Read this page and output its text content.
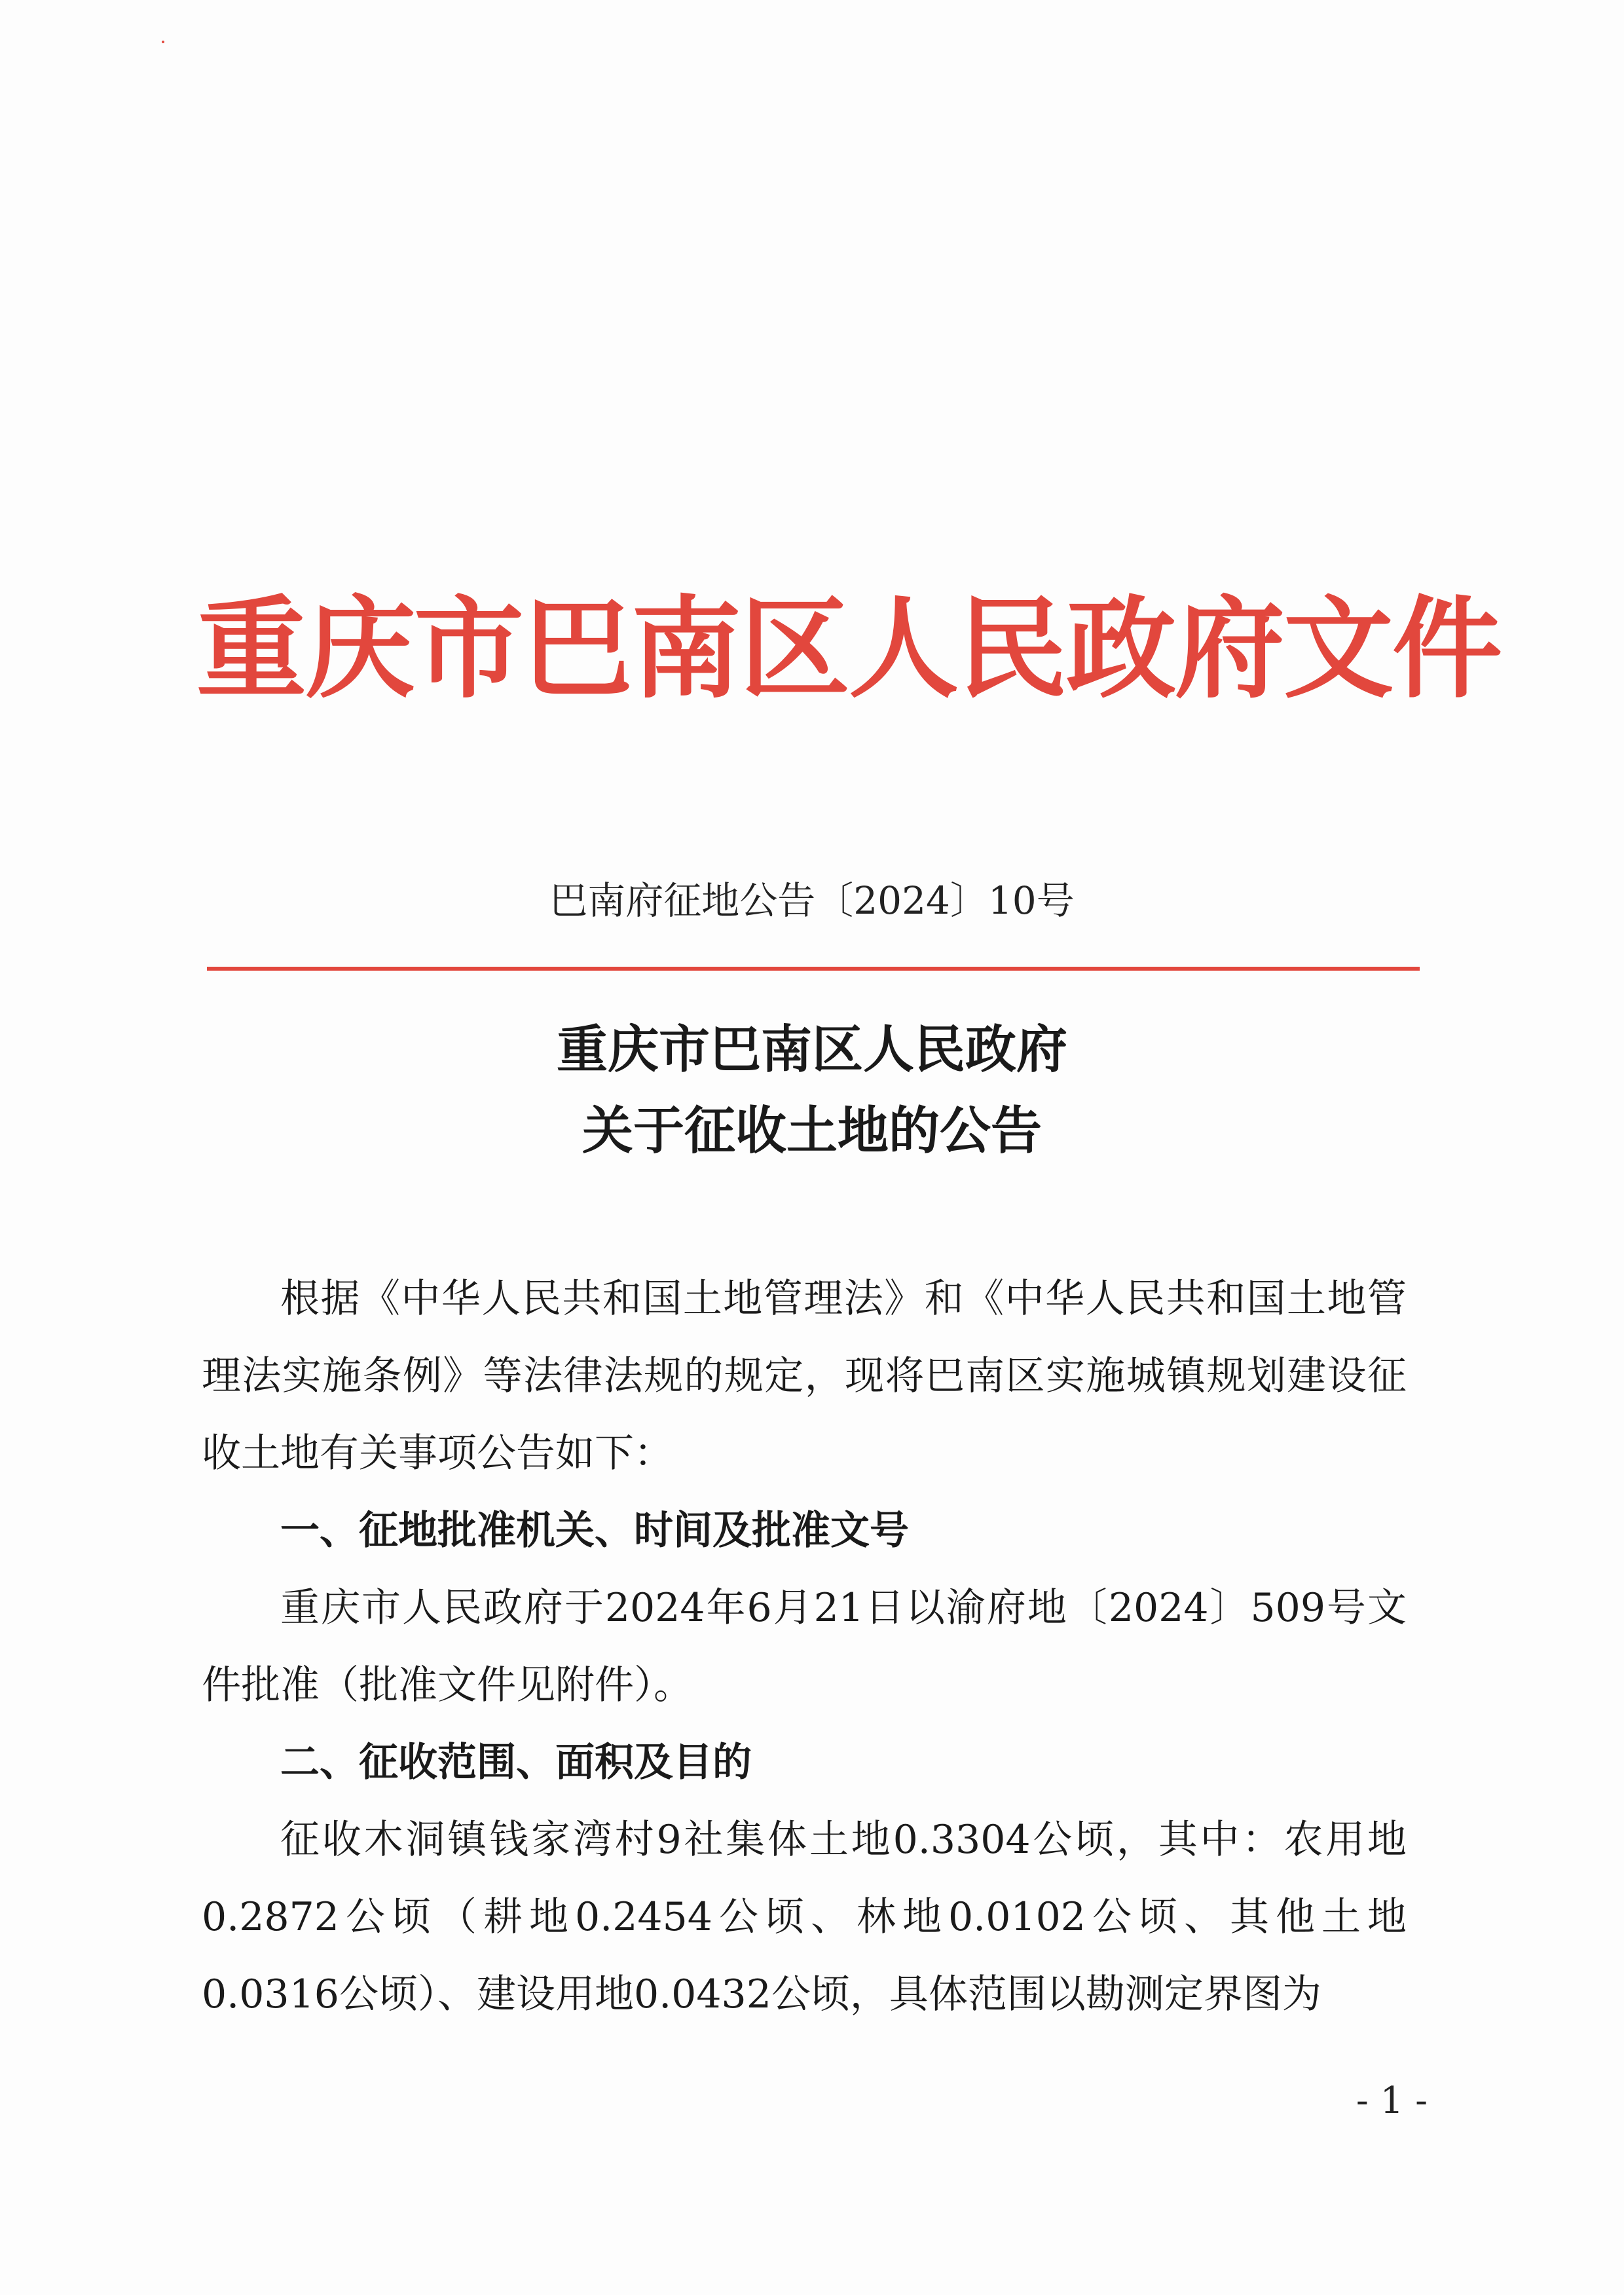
重庆市巴南区人民政府文件
巴南府征地公告〔2024〕10号
重庆市巴南区人民政府
关于征收土地的公告

根据《中华人民共和国土地管理法》和《中华人民共和国土地管理法实施条例》等法律法规的规定，现将巴南区实施城镇规划建设征收土地有关事项公告如下：

一、征地批准机关、时间及批准文号

重庆市人民政府于2024年6月21日以渝府地〔2024〕509号文件批准（批准文件见附件）。

二、征收范围、面积及目的

征收木洞镇钱家湾村9社集体土地0.3304公顷，其中：农用地0.2872公顷（耕地0.2454公顷、林地0.0102公顷、其他土地0.0316公顷）、建设用地0.0432公顷，具体范围以勘测定界图为

- 1 -
